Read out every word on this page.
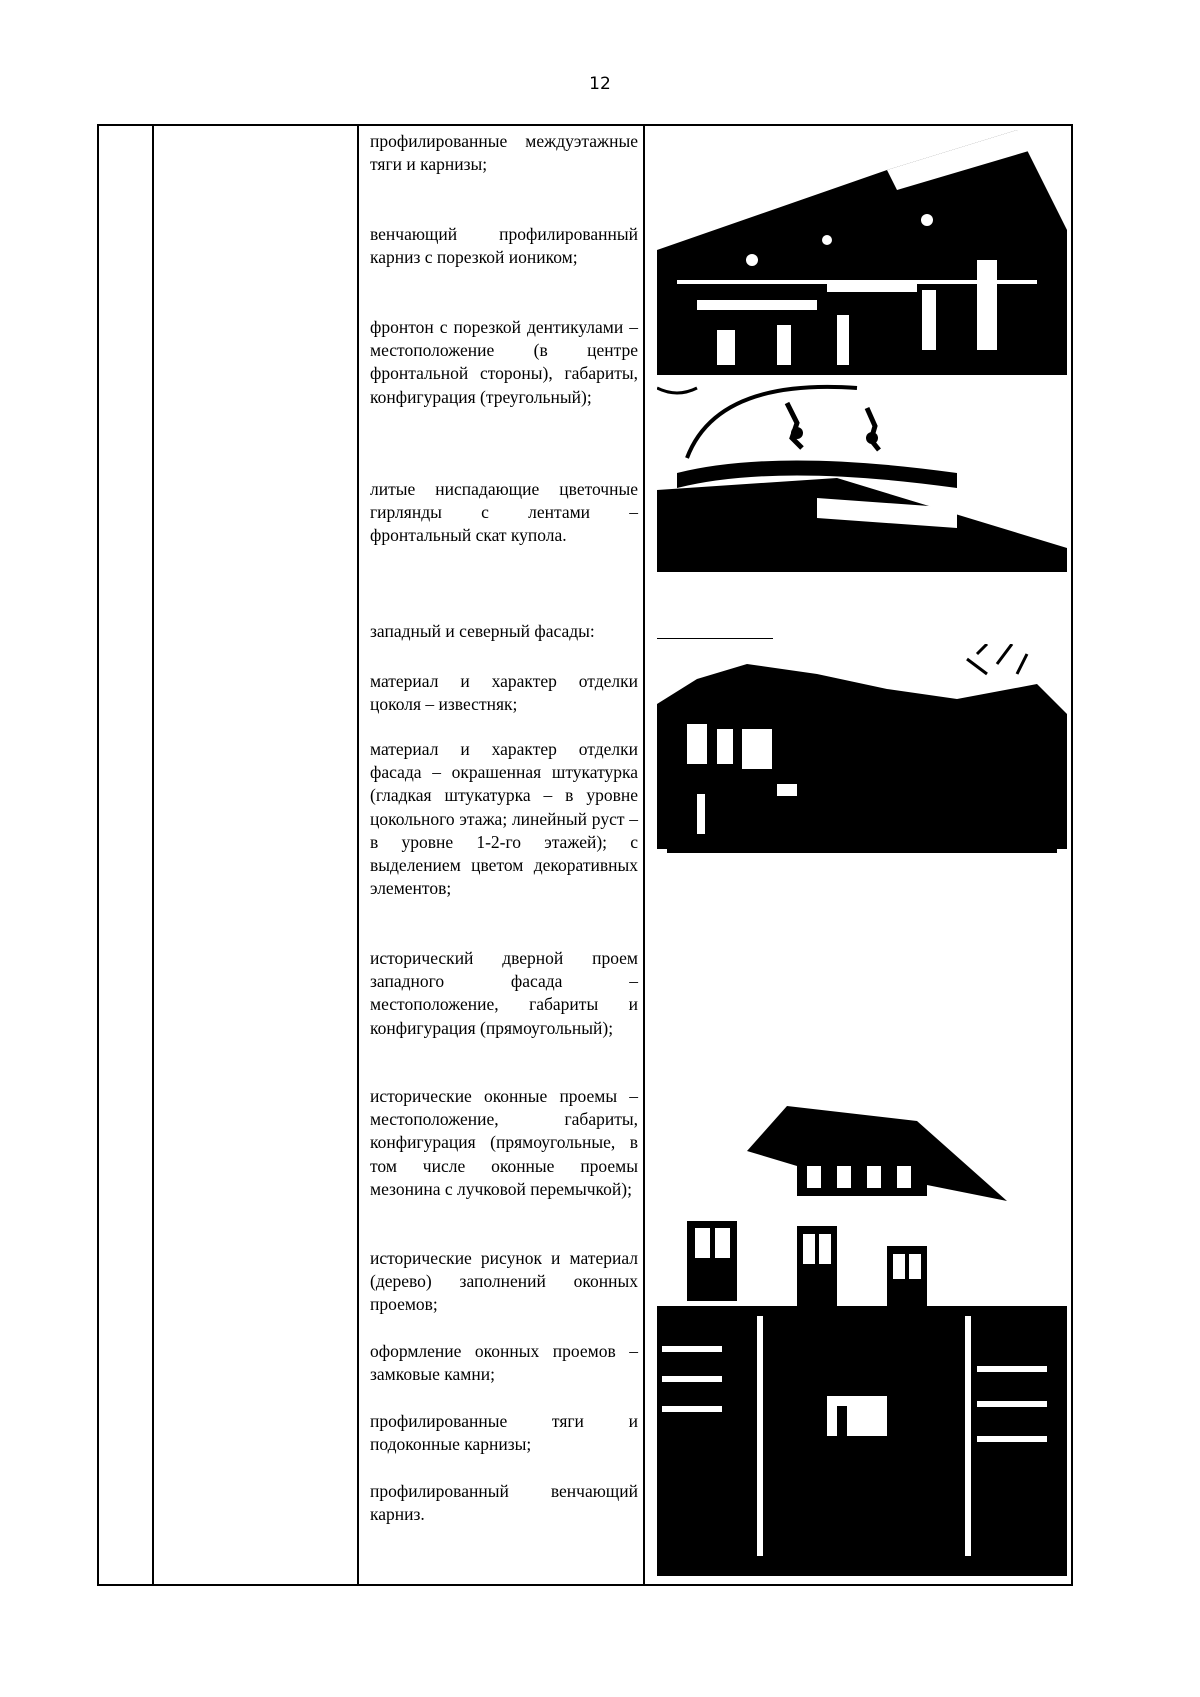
12

профилированные междуэтажные тяги и карнизы;

венчающий профилированный карниз с порезкой иоником;

фронтон с порезкой дентикулами – местоположение (в центре фронтальной стороны), габариты, конфигурация (треугольный);

литые ниспадающие цветочные гирлянды с лентами – фронтальный скат купола.

западный и северный фасады:

материал и характер отделки цоколя – известняк;

материал и характер отделки фасада – окрашенная штукатурка (гладкая штукатурка – в уровне цокольного этажа; линейный руст – в уровне 1-2-го этажей); с выделением цветом декоративных элементов;

исторический дверной проем западного фасада – местоположение, габариты и конфигурация (прямоугольный);

исторические оконные проемы – местоположение, габариты, конфигурация (прямоугольные, в том числе оконные проемы мезонина с лучковой перемычкой);

исторические рисунок и материал (дерево) заполнений оконных проемов;

оформление оконных проемов – замковые камни;

профилированные тяги и подоконные карнизы;

профилированный венчающий карниз.
